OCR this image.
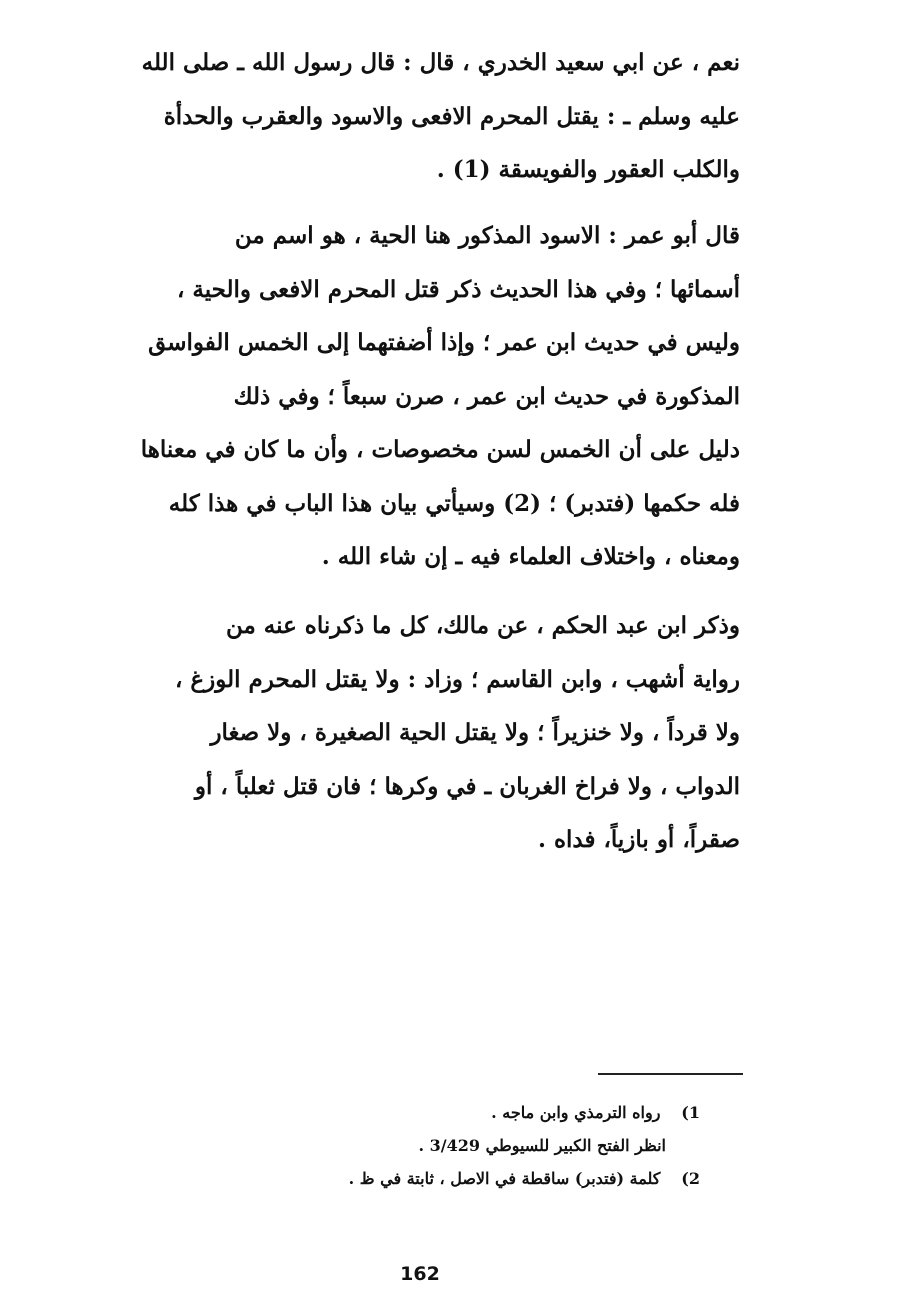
نعم ، عن ابي سعيد الخدري ، قال : قال رسول الله ـ صلى الله
عليه وسلم ـ : يقتل المحرم الافعى والاسود والعقرب والحدأة
والكلب العقور والفويسقة (1) .
قال أبو عمر : الاسود المذكور هنا الحية ، هو اسم من
أسمائها ؛ وفي هذا الحديث ذكر قتل المحرم الافعى والحية ،
وليس في حديث ابن عمر ؛ وإذا أضفتهما إلى الخمس الفواسق
المذكورة في حديث ابن عمر ، صرن سبعاً ؛ وفي ذلك
دليل على أن الخمس لسن مخصوصات ، وأن ما كان في معناها
فله حكمها (فتدبر) ؛ (2) وسيأتي بيان هذا الباب في هذا كله
ومعناه ، واختلاف العلماء فيه ـ إن شاء الله .
وذكر ابن عبد الحكم ، عن مالك، كل ما ذكرناه عنه من
رواية أشهب ، وابن القاسم ؛ وزاد : ولا يقتل المحرم الوزغ ،
ولا قرداً ، ولا خنزيراً ؛ ولا يقتل الحية الصغيرة ، ولا صغار
الدواب ، ولا فراخ الغربان ـ في وكرها ؛ فان قتل ثعلباً ، أو
صقراً، أو بازياً، فداه .
1) رواه الترمذي وابن ماجه .
انظر الفتح الكبير للسيوطي 3/429 .
2) كلمة (فتدبر) ساقطة في الاصل ، ثابتة في ظ .
162
